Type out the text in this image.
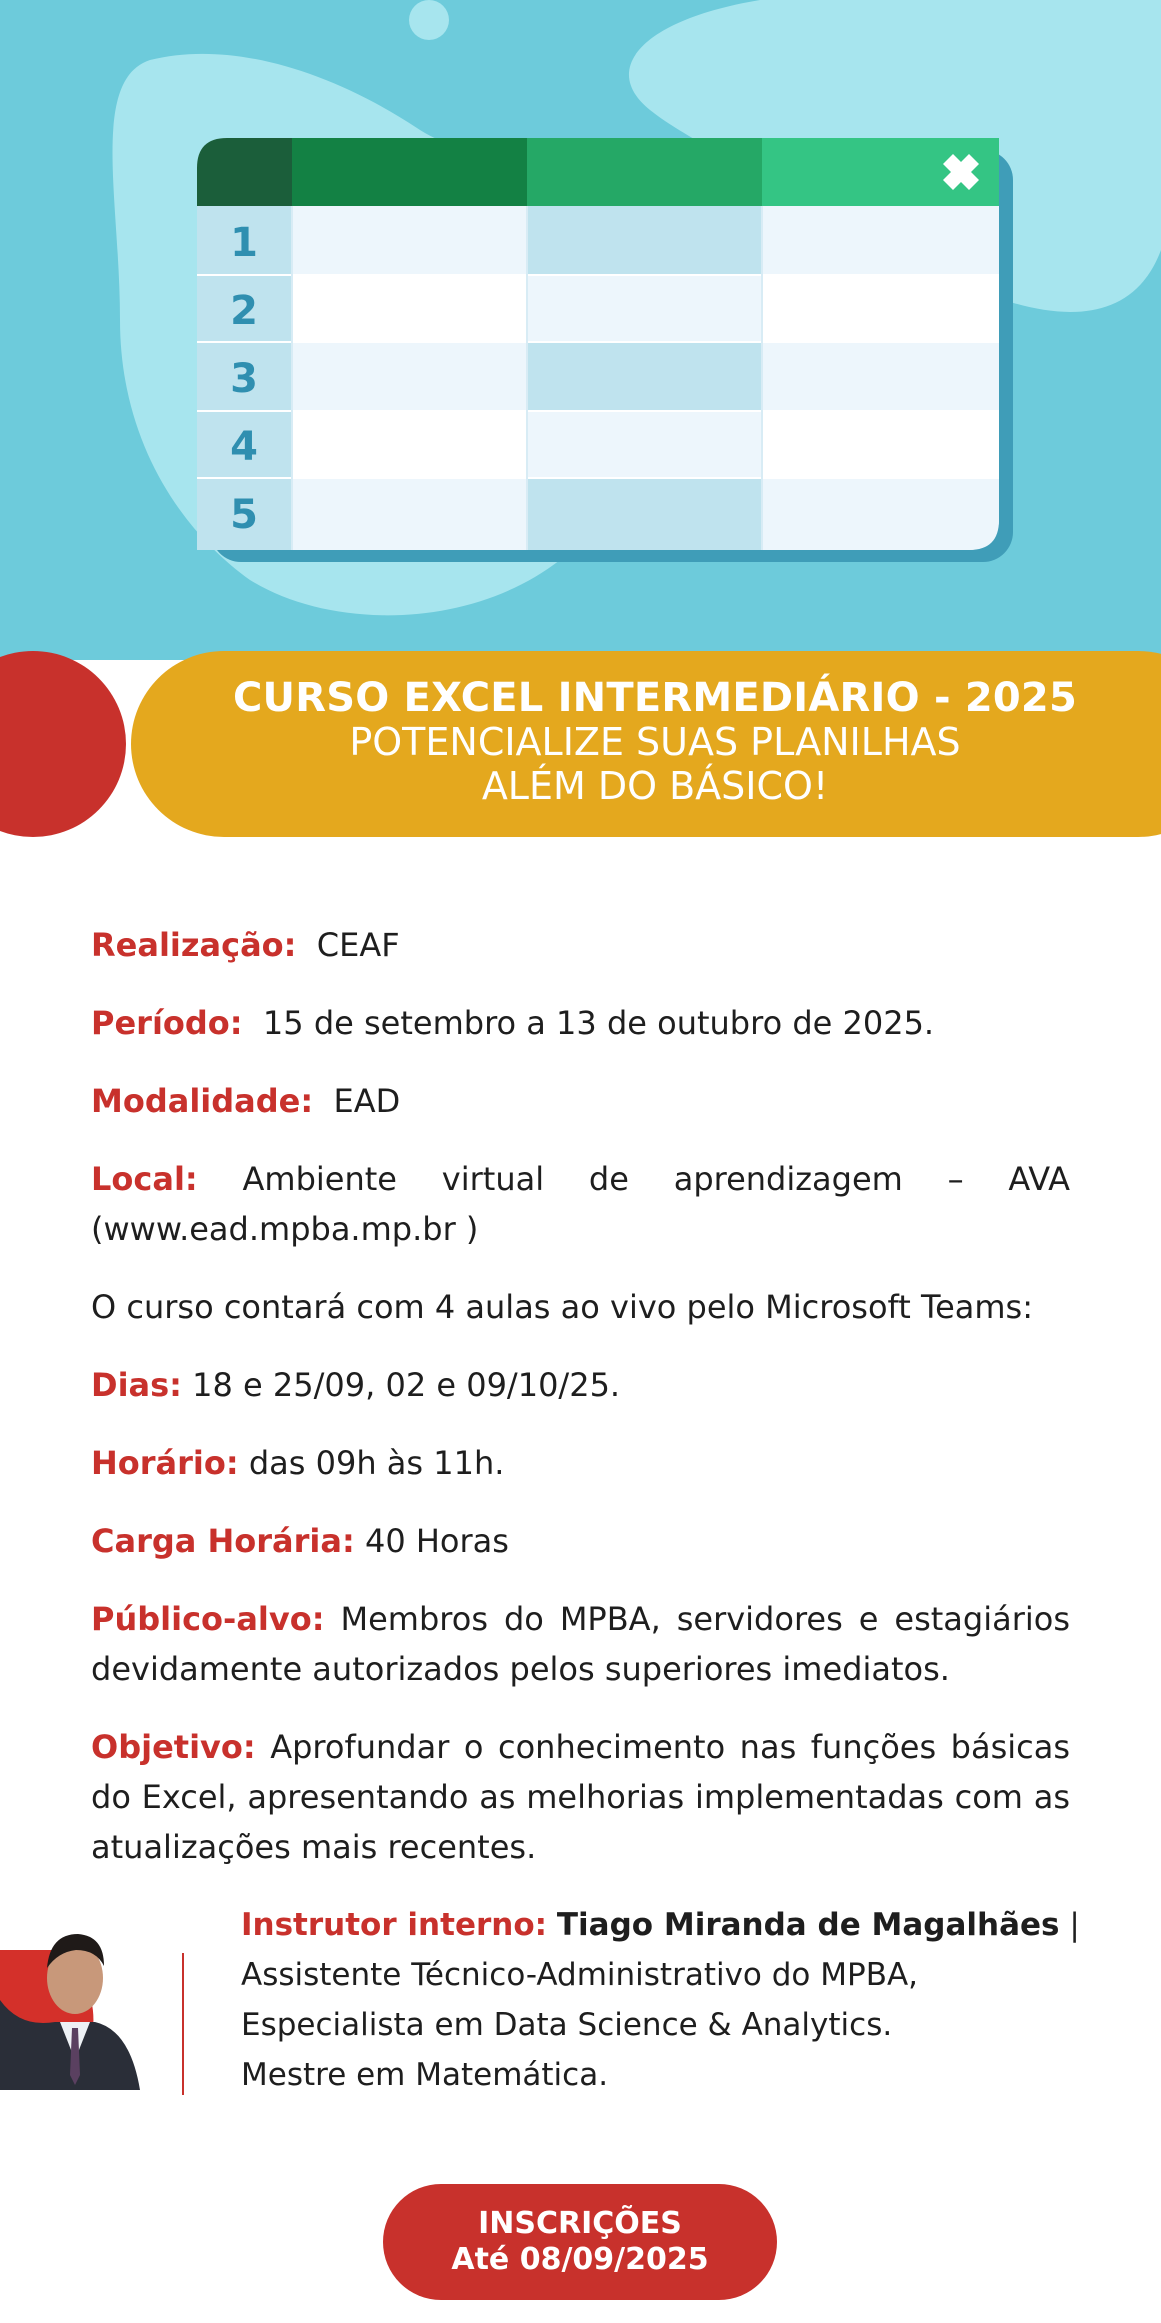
1
2
3
4
5
CURSO EXCEL INTERMEDIÁRIO - 2025
POTENCIALIZE SUAS PLANILHAS
ALÉM DO BÁSICO!

Realização: CEAF

Período: 15 de setembro a 13 de outubro de 2025.

Modalidade: EAD

Local: Ambiente virtual de aprendizagem – AVA (www.ead.mpba.mp.br )

O curso contará com 4 aulas ao vivo pelo Microsoft Teams:

Dias: 18 e 25/09, 02 e 09/10/25.

Horário: das 09h às 11h.

Carga Horária: 40 Horas

Público-alvo: Membros do MPBA, servidores e estagiários devidamente autorizados pelos superiores imediatos.

Objetivo: Aprofundar o conhecimento nas funções básicas do Excel, apresentando as melhorias implementadas com as atualizações mais recentes.

Instrutor interno: Tiago Miranda de Magalhães |
Assistente Técnico-Administrativo do MPBA,
Especialista em Data Science & Analytics.
Mestre em Matemática.
INSCRIÇÕES
Até 08/09/2025
